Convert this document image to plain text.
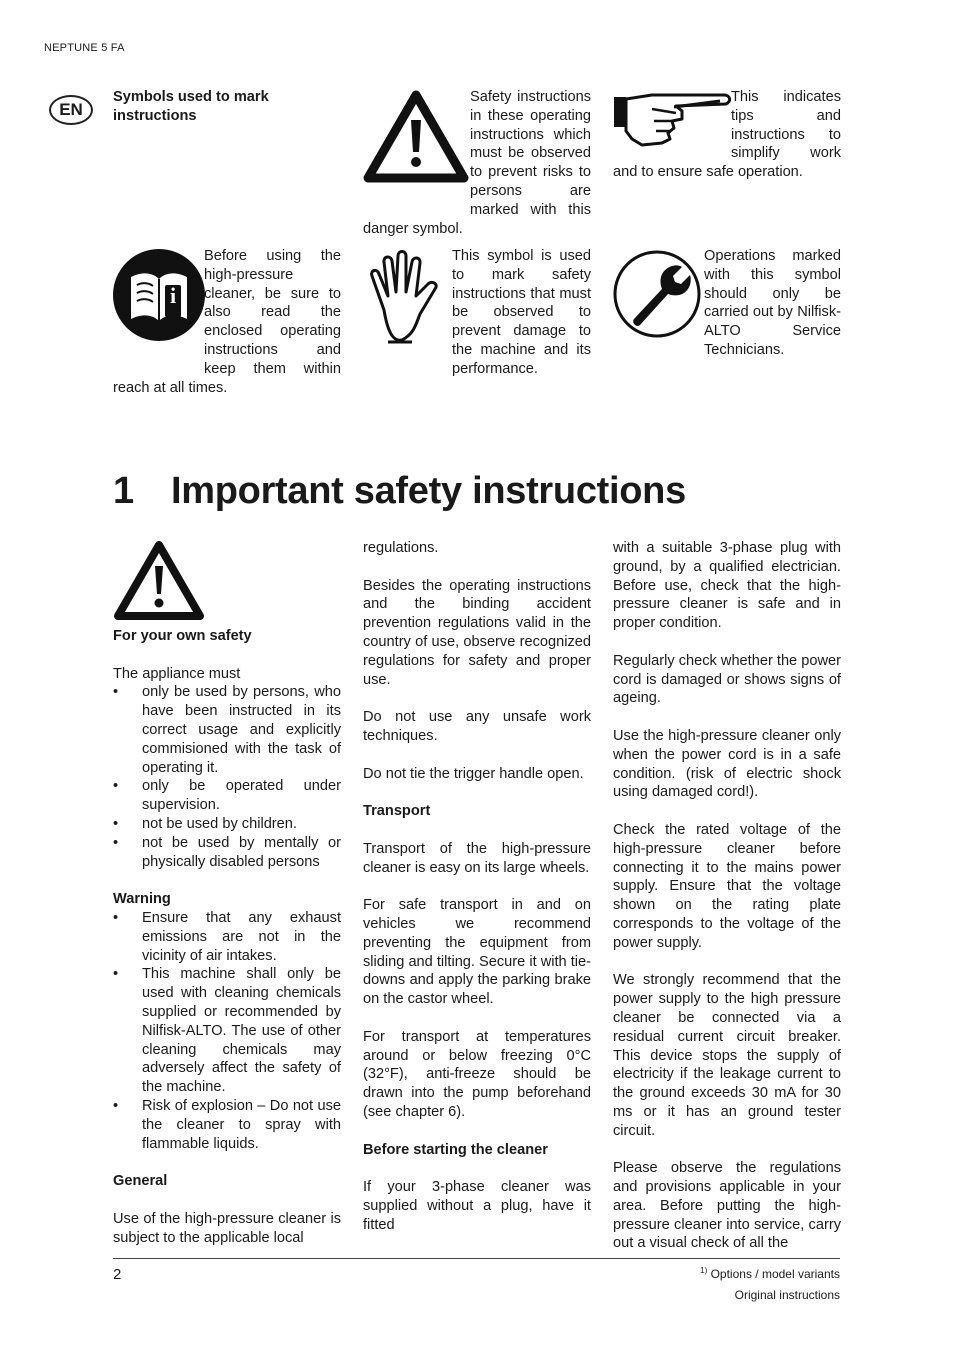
NEPTUNE 5 FA
EN
Symbols used to mark instructions
Safety instructions in these operating instructions which must be observed to prevent risks to persons are marked with this danger symbol.
This indicates tips and instructions to simplify work and to ensure safe operation.
i
Before using the high-pressure cleaner, be sure to also read the enclosed operating instructions and keep them within reach at all times.
This symbol is used to mark safety instructions that must be observed to prevent damage to the machine and its performance.
Operations marked with this symbol should only be carried out by Nilfisk-ALTO Service Technicians.
1 Important safety instructions
For your own safety
The appliance must
• only be used by persons, who have been instructed in its correct usage and explicitly commisioned with the task of operating it.
• only be operated under supervision.
• not be used by children.
• not be used by mentally or physically disabled persons
Warning
• Ensure that any exhaust emissions are not in the vicinity of air intakes.
• This machine shall only be used with cleaning chemicals supplied or recommended by Nilfisk-ALTO. The use of other cleaning chemicals may adversely affect the safety of the machine.
• Risk of explosion – Do not use the cleaner to spray with flammable liquids.
General
Use of the high-pressure cleaner is subject to the applicable local
regulations.
Besides the operating instructions and the binding accident prevention regulations valid in the country of use, observe recognized regulations for safety and proper use.
Do not use any unsafe work techniques.
Do not tie the trigger handle open.
Transport
Transport of the high-pressure cleaner is easy on its large wheels.
For safe transport in and on vehicles we recommend preventing the equipment from sliding and tilting. Secure it with tie-downs and apply the parking brake on the castor wheel.
For transport at temperatures around or below freezing 0°C (32°F), anti-freeze should be drawn into the pump beforehand (see chapter 6).
Before starting the cleaner
If your 3-phase cleaner was supplied without a plug, have it fitted
with a suitable 3-phase plug with ground, by a qualified electrician. Before use, check that the high-pressure cleaner is safe and in proper condition.
Regularly check whether the power cord is damaged or shows signs of ageing.
Use the high-pressure cleaner only when the power cord is in a safe condition. (risk of electric shock using damaged cord!).
Check the rated voltage of the high-pressure cleaner before connecting it to the mains power supply. Ensure that the voltage shown on the rating plate corresponds to the voltage of the power supply.
We strongly recommend that the power supply to the high pressure cleaner be connected via a residual current circuit breaker. This device stops the supply of electricity if the leakage current to the ground exceeds 30 mA for 30 ms or it has an ground tester circuit.
Please observe the regulations and provisions applicable in your area. Before putting the high-pressure cleaner into service, carry out a visual check of all the
2	$^{1)}$ Options / model variants
Original instructions
